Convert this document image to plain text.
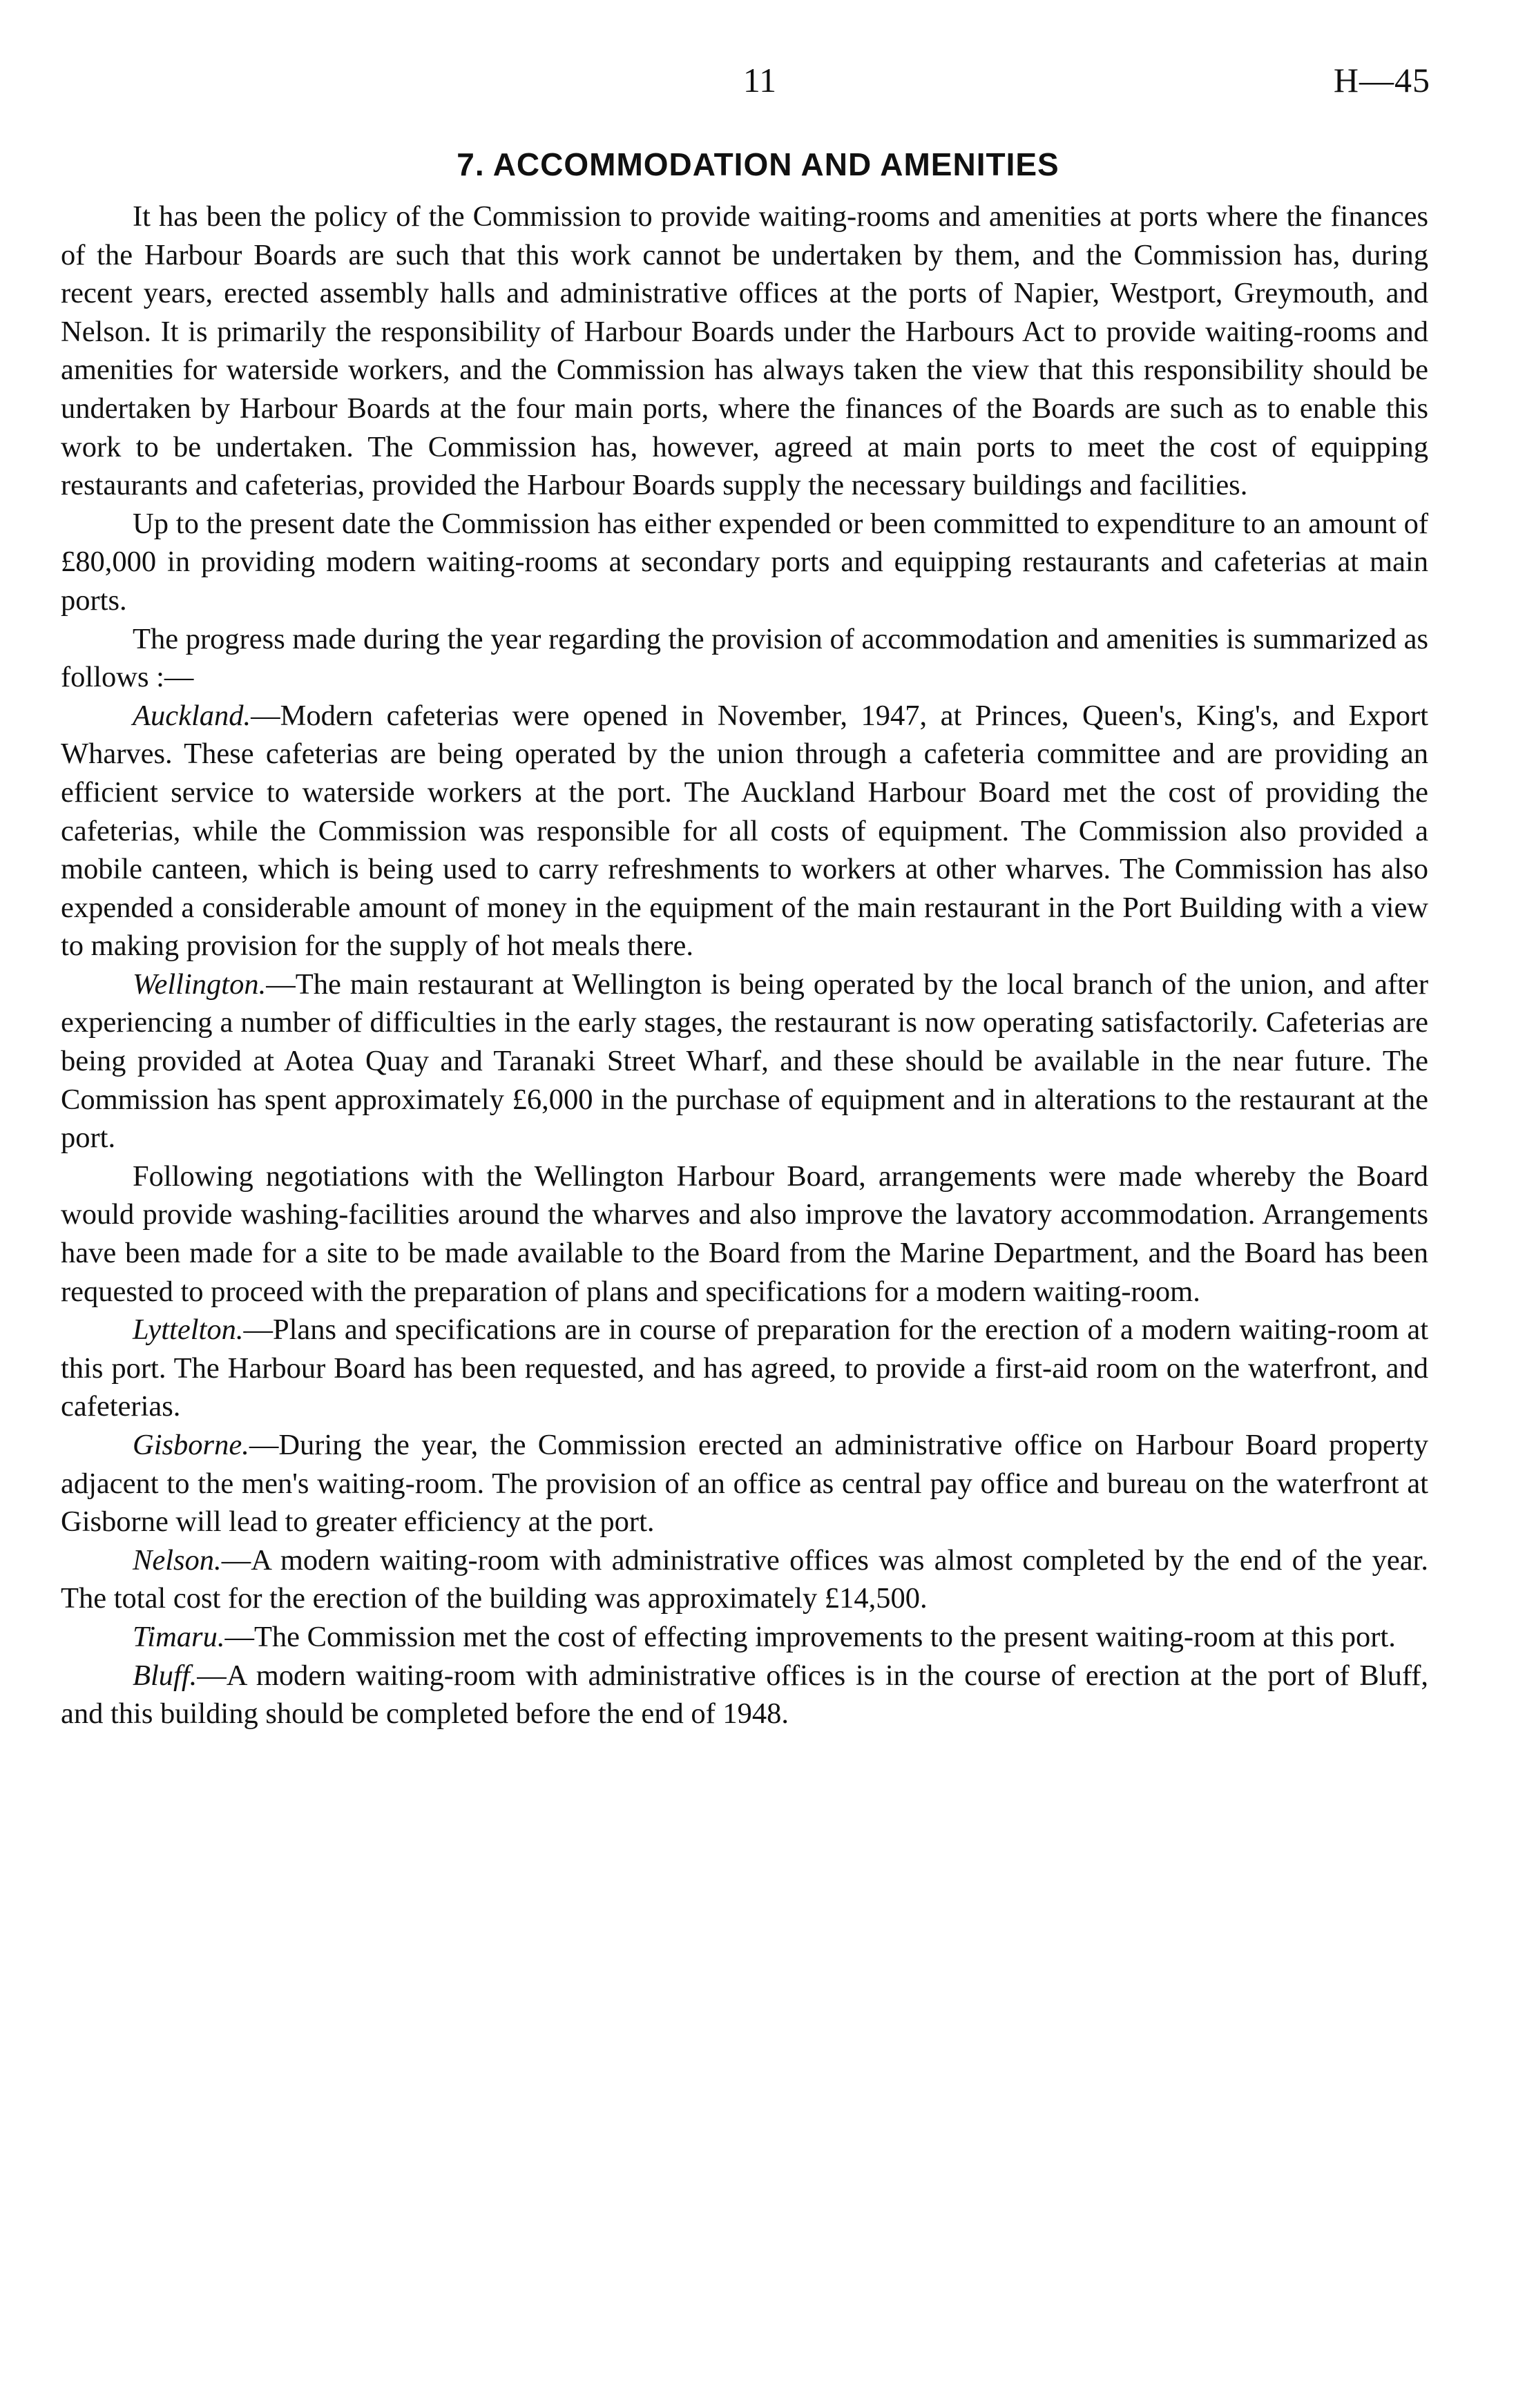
11	H—45
7. ACCOMMODATION AND AMENITIES

It has been the policy of the Commission to provide waiting-rooms and amenities at ports where the finances of the Harbour Boards are such that this work cannot be undertaken by them, and the Commission has, during recent years, erected assembly halls and administrative offices at the ports of Napier, Westport, Greymouth, and Nelson. It is primarily the responsibility of Harbour Boards under the Harbours Act to provide waiting-rooms and amenities for waterside workers, and the Commission has always taken the view that this responsibility should be undertaken by Harbour Boards at the four main ports, where the finances of the Boards are such as to enable this work to be undertaken. The Commission has, however, agreed at main ports to meet the cost of equipping restaurants and cafeterias, provided the Harbour Boards supply the necessary buildings and facilities.

Up to the present date the Commission has either expended or been committed to expenditure to an amount of £80,000 in providing modern waiting-rooms at secondary ports and equipping restaurants and cafeterias at main ports.

The progress made during the year regarding the provision of accommodation and amenities is summarized as follows :—

Auckland.—Modern cafeterias were opened in November, 1947, at Princes, Queen's, King's, and Export Wharves. These cafeterias are being operated by the union through a cafeteria committee and are providing an efficient service to waterside workers at the port. The Auckland Harbour Board met the cost of providing the cafeterias, while the Commission was responsible for all costs of equipment. The Commission also provided a mobile canteen, which is being used to carry refreshments to workers at other wharves. The Commission has also expended a considerable amount of money in the equipment of the main restaurant in the Port Building with a view to making provision for the supply of hot meals there.

Wellington.—The main restaurant at Wellington is being operated by the local branch of the union, and after experiencing a number of difficulties in the early stages, the restaurant is now operating satisfactorily. Cafeterias are being provided at Aotea Quay and Taranaki Street Wharf, and these should be available in the near future. The Commission has spent approximately £6,000 in the purchase of equipment and in alterations to the restaurant at the port.

Following negotiations with the Wellington Harbour Board, arrangements were made whereby the Board would provide washing-facilities around the wharves and also improve the lavatory accommodation. Arrangements have been made for a site to be made available to the Board from the Marine Department, and the Board has been requested to proceed with the preparation of plans and specifications for a modern waiting-room.

Lyttelton.—Plans and specifications are in course of preparation for the erection of a modern waiting-room at this port. The Harbour Board has been requested, and has agreed, to provide a first-aid room on the waterfront, and cafeterias.

Gisborne.—During the year, the Commission erected an administrative office on Harbour Board property adjacent to the men's waiting-room. The provision of an office as central pay office and bureau on the waterfront at Gisborne will lead to greater efficiency at the port.

Nelson.—A modern waiting-room with administrative offices was almost completed by the end of the year. The total cost for the erection of the building was approximately £14,500.

Timaru.—The Commission met the cost of effecting improvements to the present waiting-room at this port.

Bluff.—A modern waiting-room with administrative offices is in the course of erection at the port of Bluff, and this building should be completed before the end of 1948.
